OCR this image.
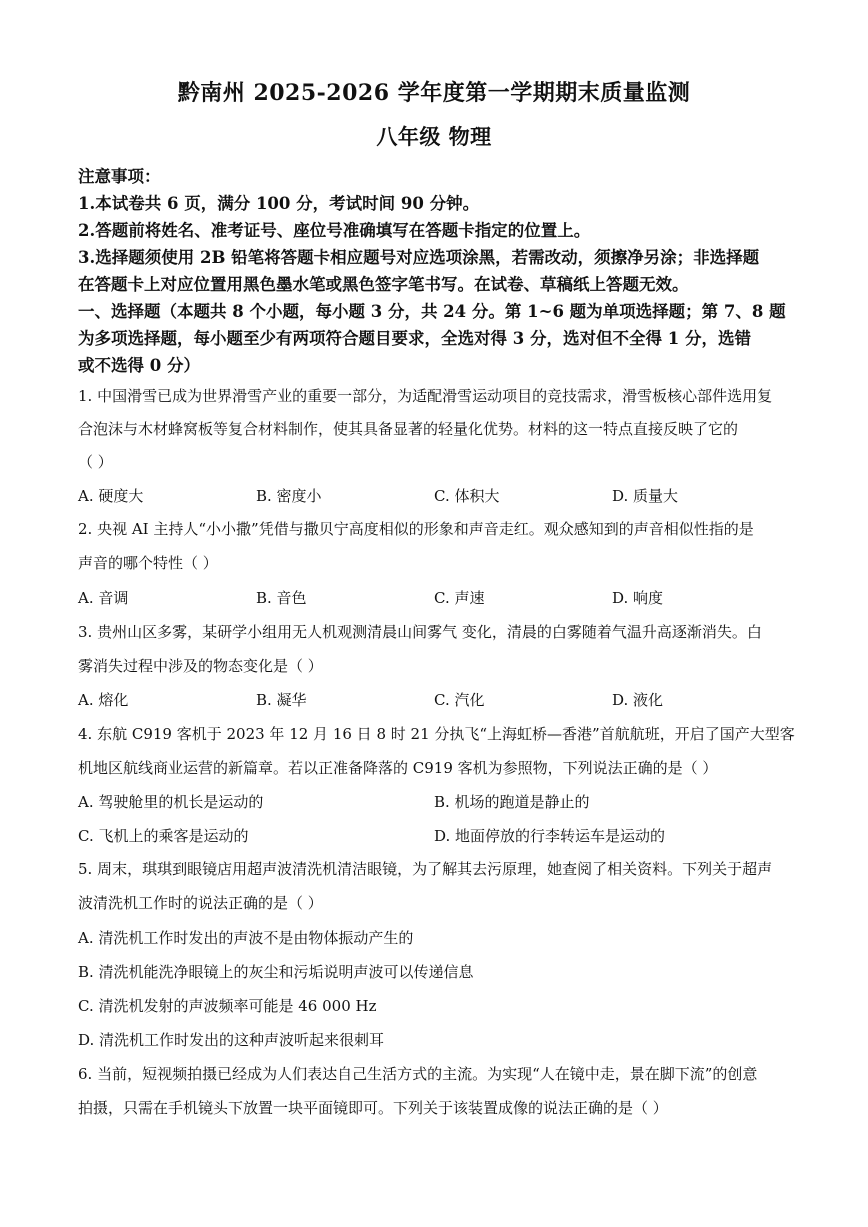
黔南州 2025-2026 学年度第一学期期末质量监测
八年级 物理
注意事项：
1.本试卷共 6 页，满分 100 分，考试时间 90 分钟。
2.答题前将姓名、准考证号、座位号准确填写在答题卡指定的位置上。
3.选择题须使用 2B 铅笔将答题卡相应题号对应选项涂黑，若需改动，须擦净另涂；非选择题
在答题卡上对应位置用黑色墨水笔或黑色签字笔书写。在试卷、草稿纸上答题无效。
一、选择题（本题共 8 个小题，每小题 3 分，共 24 分。第 1~6 题为单项选择题；第 7、8 题
为多项选择题，每小题至少有两项符合题目要求，全选对得 3 分，选对但不全得 1 分，选错
或不选得 0 分）
1. 中国滑雪已成为世界滑雪产业的重要一部分，为适配滑雪运动项目的竞技需求，滑雪板核心部件选用复
合泡沫与木材蜂窝板等复合材料制作，使其具备显著的轻量化优势。材料的这一特点直接反映了它的
（ ）
A. 硬度大	B. 密度小	C. 体积大	D. 质量大
2. 央视 AI 主持人“小小撒”凭借与撒贝宁高度相似的形象和声音走红。观众感知到的声音相似性指的是
声音的哪个特性（ ）
A. 音调	B. 音色	C. 声速	D. 响度
3. 贵州山区多雾，某研学小组用无人机观测清晨山间雾气 变化，清晨的白雾随着气温升高逐渐消失。白
雾消失过程中涉及的物态变化是（ ）
A. 熔化	B. 凝华	C. 汽化	D. 液化
4. 东航 C919 客机于 2023 年 12 月 16 日 8 时 21 分执飞“上海虹桥—香港”首航航班，开启了国产大型客
机地区航线商业运营的新篇章。若以正准备降落的 C919 客机为参照物，下列说法正确的是（ ）
A. 驾驶舱里的机长是运动的	B. 机场的跑道是静止的
C. 飞机上的乘客是运动的	D. 地面停放的行李转运车是运动的
5. 周末，琪琪到眼镜店用超声波清洗机清洁眼镜，为了解其去污原理，她查阅了相关资料。下列关于超声
波清洗机工作时的说法正确的是（ ）
A. 清洗机工作时发出的声波不是由物体振动产生的
B. 清洗机能洗净眼镜上的灰尘和污垢说明声波可以传递信息
C. 清洗机发射的声波频率可能是 46 000 Hz
D. 清洗机工作时发出的这种声波听起来很刺耳
6. 当前，短视频拍摄已经成为人们表达自己生活方式的主流。为实现“人在镜中走，景在脚下流”的创意
拍摄，只需在手机镜头下放置一块平面镜即可。下列关于该装置成像的说法正确的是（ ）
